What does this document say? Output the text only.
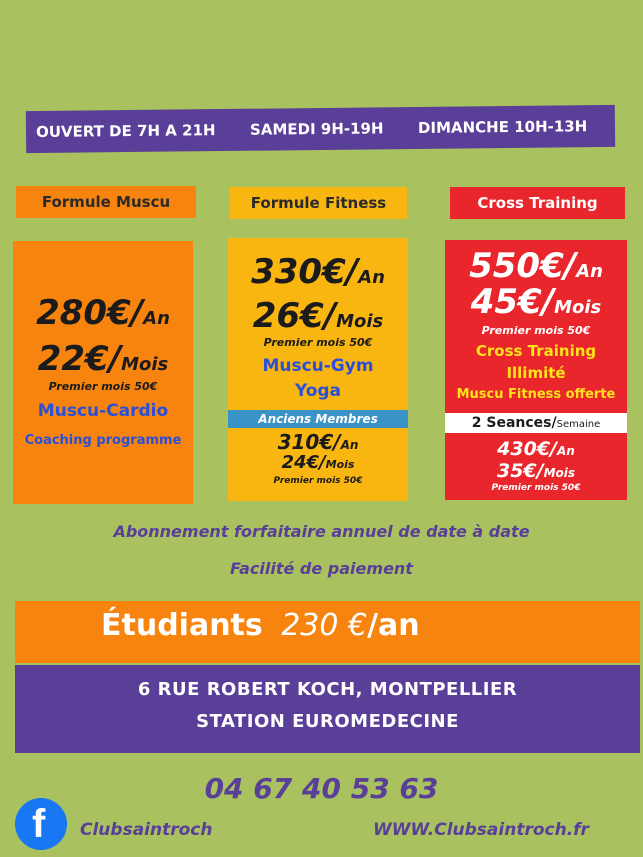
OUVERT DE 7H A 21H SAMEDI 9H-19H DIMANCHE 10H-13H
Formule Muscu	Formule Fitness	Cross Training
280€/An
22€/Mois
Premier mois 50€
Muscu-Cardio
Coaching programme
330€/An
26€/Mois
Premier mois 50€
Muscu-Gym
Yoga
Anciens Membres
310€/An
24€/Mois
Premier mois 50€
550€/An
45€/Mois
Premier mois 50€
Cross Training
Illimité
Muscu Fitness offerte
2 Seances/Semaine
430€/An
35€/Mois
Premier mois 50€
Abonnement forfaitaire annuel de date à date
Facilité de paiement
Étudiants 230 €/an
6 RUE ROBERT KOCH, MONTPELLIER
STATION EUROMEDECINE
04 67 40 53 63
f Clubsaintroch	WWW.Clubsaintroch.fr
